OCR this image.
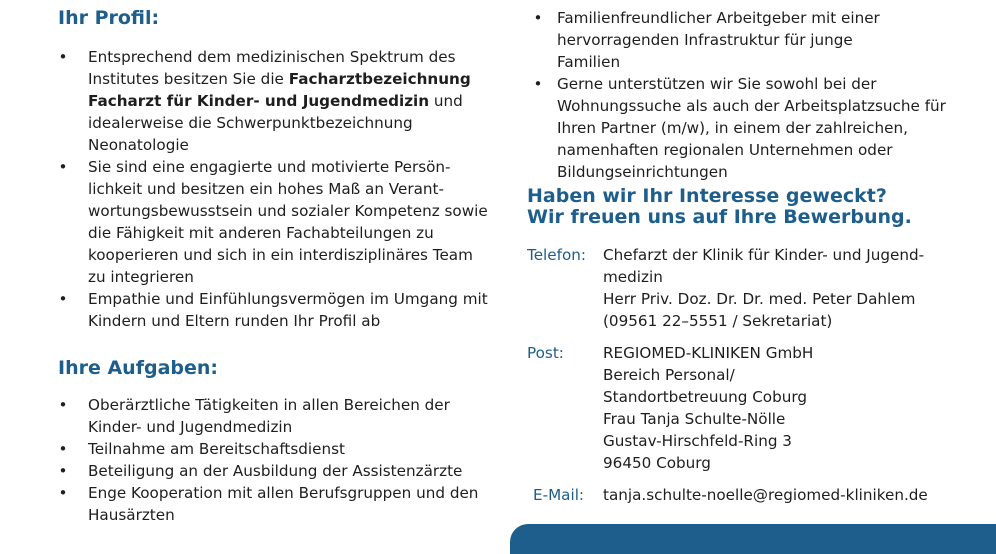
Ihr Profil:
• Entsprechend dem medizinischen Spektrum des Institutes besitzen Sie die Facharztbezeichnung Facharzt für Kinder- und Jugendmedizin und idealerweise die Schwerpunktbezeichnung Neonatologie
• Sie sind eine engagierte und motivierte Persönlichkeit und besitzen ein hohes Maß an Verantwortungsbewusstsein und sozialer Kompetenz sowie die Fähigkeit mit anderen Fachabteilungen zu kooperieren und sich in ein interdisziplinäres Team zu integrieren
• Empathie und Einfühlungsvermögen im Umgang mit Kindern und Eltern runden Ihr Profil ab
Ihre Aufgaben:
• Oberärztliche Tätigkeiten in allen Bereichen der Kinder- und Jugendmedizin
• Teilnahme am Bereitschaftsdienst
• Beteiligung an der Ausbildung der Assistenzärzte
• Enge Kooperation mit allen Berufsgruppen und den Hausärzten
• Familienfreundlicher Arbeitgeber mit einer hervorragenden Infrastruktur für junge Familien
• Gerne unterstützen wir Sie sowohl bei der Wohnungssuche als auch der Arbeitsplatzsuche für Ihren Partner (m/w), in einem der zahlreichen, namenhaften regionalen Unternehmen oder Bildungseinrichtungen
Haben wir Ihr Interesse geweckt?
Wir freuen uns auf Ihre Bewerbung.
Telefon: Chefarzt der Klinik für Kinder- und Jugend-
medizin
Herr Priv. Doz. Dr. Dr. med. Peter Dahlem
(09561 22–5551 / Sekretariat)
Post:	REGIOMED-KLINIKEN GmbH
Bereich Personal/
Standortbetreuung Coburg
Frau Tanja Schulte-Nölle
Gustav-Hirschfeld-Ring 3
96450 Coburg
E-Mail: tanja.schulte-noelle@regiomed-kliniken.de
